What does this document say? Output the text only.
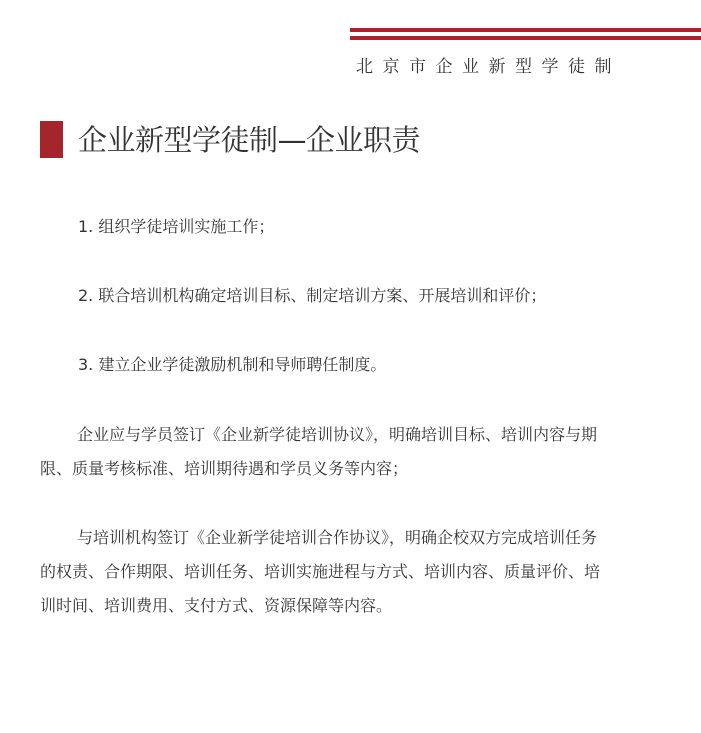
北京市企业新型学徒制
企业新型学徒制—企业职责
1. 组织学徒培训实施工作；
2. 联合培训机构确定培训目标、制定培训方案、开展培训和评价；
3. 建立企业学徒激励机制和导师聘任制度。

企业应与学员签订《企业新学徒培训协议》，明确培训目标、培训内容与期限、质量考核标准、培训期待遇和学员义务等内容；

与培训机构签订《企业新学徒培训合作协议》，明确企校双方完成培训任务的权责、合作期限、培训任务、培训实施进程与方式、培训内容、质量评价、培训时间、培训费用、支付方式、资源保障等内容。
